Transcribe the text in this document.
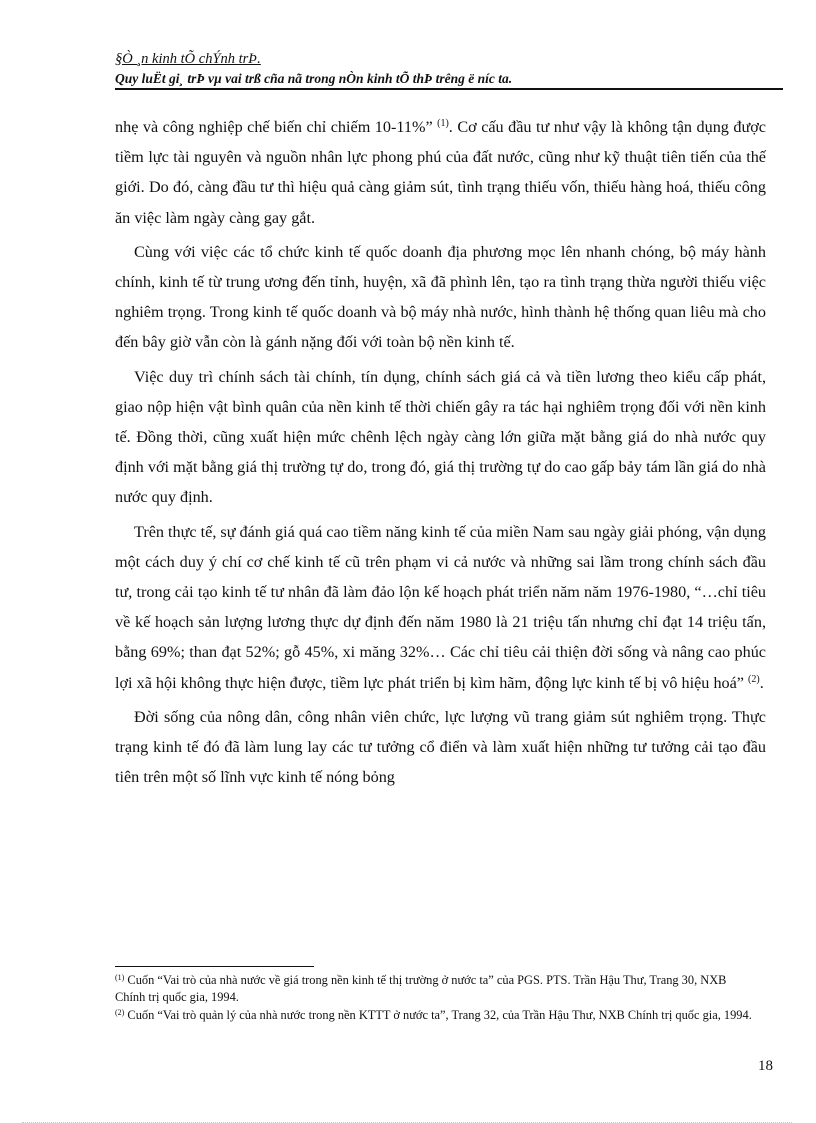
§Ò ¸n kinh tÕ chÝnh trÞ.
Quy luËt gi¸ trÞ vµ vai trß cña nã trong nÒn kinh tÕ thÞ trêng ë níc ta.

nhẹ và công nghiệp chế biến chỉ chiếm 10-11%” $^{(1)}$. Cơ cấu đầu tư như vậy là không tận dụng được tiềm lực tài nguyên và nguồn nhân lực phong phú của đất nước, cũng như kỹ thuật tiên tiến của thế giới. Do đó, càng đầu tư thì hiệu quả càng giảm sút, tình trạng thiếu vốn, thiếu hàng hoá, thiếu công ăn việc làm ngày càng gay gắt.

Cùng với việc các tổ chức kinh tế quốc doanh địa phương mọc lên nhanh chóng, bộ máy hành chính, kinh tế từ trung ương đến tỉnh, huyện, xã đã phình lên, tạo ra tình trạng thừa người thiếu việc nghiêm trọng. Trong kinh tế quốc doanh và bộ máy nhà nước, hình thành hệ thống quan liêu mà cho đến bây giờ vẫn còn là gánh nặng đối với toàn bộ nền kinh tế.

Việc duy trì chính sách tài chính, tín dụng, chính sách giá cả và tiền lương theo kiểu cấp phát, giao nộp hiện vật bình quân của nền kinh tế thời chiến gây ra tác hại nghiêm trọng đối với nền kinh tế. Đồng thời, cũng xuất hiện mức chênh lệch ngày càng lớn giữa mặt bằng giá do nhà nước quy định với mặt bằng giá thị trường tự do, trong đó, giá thị trường tự do cao gấp bảy tám lần giá do nhà nước quy định.

Trên thực tế, sự đánh giá quá cao tiềm năng kinh tế của miền Nam sau ngày giải phóng, vận dụng một cách duy ý chí cơ chế kinh tế cũ trên phạm vi cả nước và những sai lầm trong chính sách đầu tư, trong cải tạo kinh tế tư nhân đã làm đảo lộn kế hoạch phát triển năm năm 1976-1980, “…chỉ tiêu về kế hoạch sản lượng lương thực dự định đến năm 1980 là 21 triệu tấn nhưng chỉ đạt 14 triệu tấn, bằng 69%; than đạt 52%; gỗ 45%, xi măng 32%… Các chỉ tiêu cải thiện đời sống và nâng cao phúc lợi xã hội không thực hiện được, tiềm lực phát triển bị kìm hãm, động lực kinh tế bị vô hiệu hoá” $^{(2)}$.

Đời sống của nông dân, công nhân viên chức, lực lượng vũ trang giảm sút nghiêm trọng. Thực trạng kinh tế đó đã làm lung lay các tư tưởng cổ điển và làm xuất hiện những tư tưởng cải tạo đầu tiên trên một số lĩnh vực kinh tế nóng bỏng

$^{(1)}$ Cuốn “Vai trò của nhà nước về giá trong nền kinh tế thị trường ở nước ta” của PGS. PTS. Trần Hậu Thư, Trang 30, NXB Chính trị quốc gia, 1994.
$^{(2)}$ Cuốn “Vai trò quản lý của nhà nước trong nền KTTT ở nước ta”, Trang 32, của Trần Hậu Thư, NXB Chính trị quốc gia, 1994.
18
